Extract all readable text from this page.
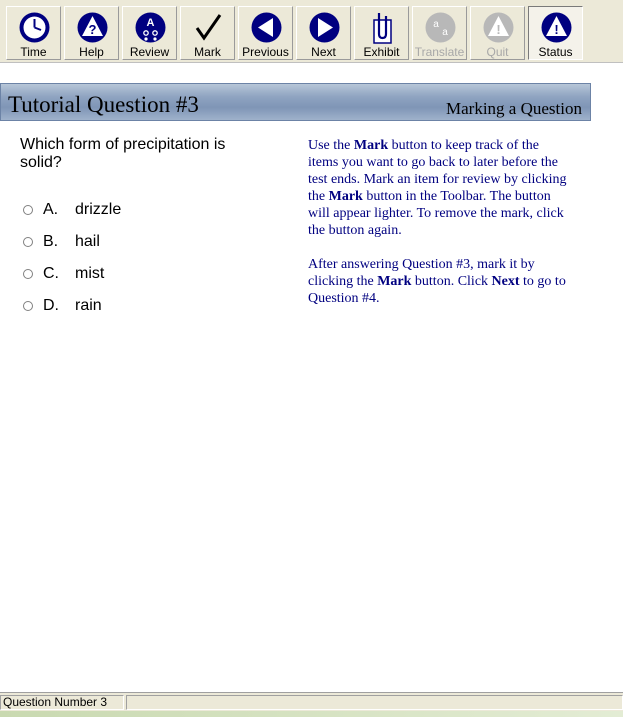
Time
?
Help
A
Review	Mark	Previous	Next	Exhibit
a
a
Translate
!
Quit
!
Status
Tutorial Question #3	Marking a Question
Which form of precipitation is solid?
A. drizzle
B. hail
C. mist
D. rain

Use the Mark button to keep track of the items you want to go back to later before the test ends. Mark an item for review by clicking the Mark button in the Toolbar. The button will appear lighter. To remove the mark, click the button again.

After answering Question #3, mark it by clicking the Mark button. Click Next to go to Question #4.

Question Number 3
